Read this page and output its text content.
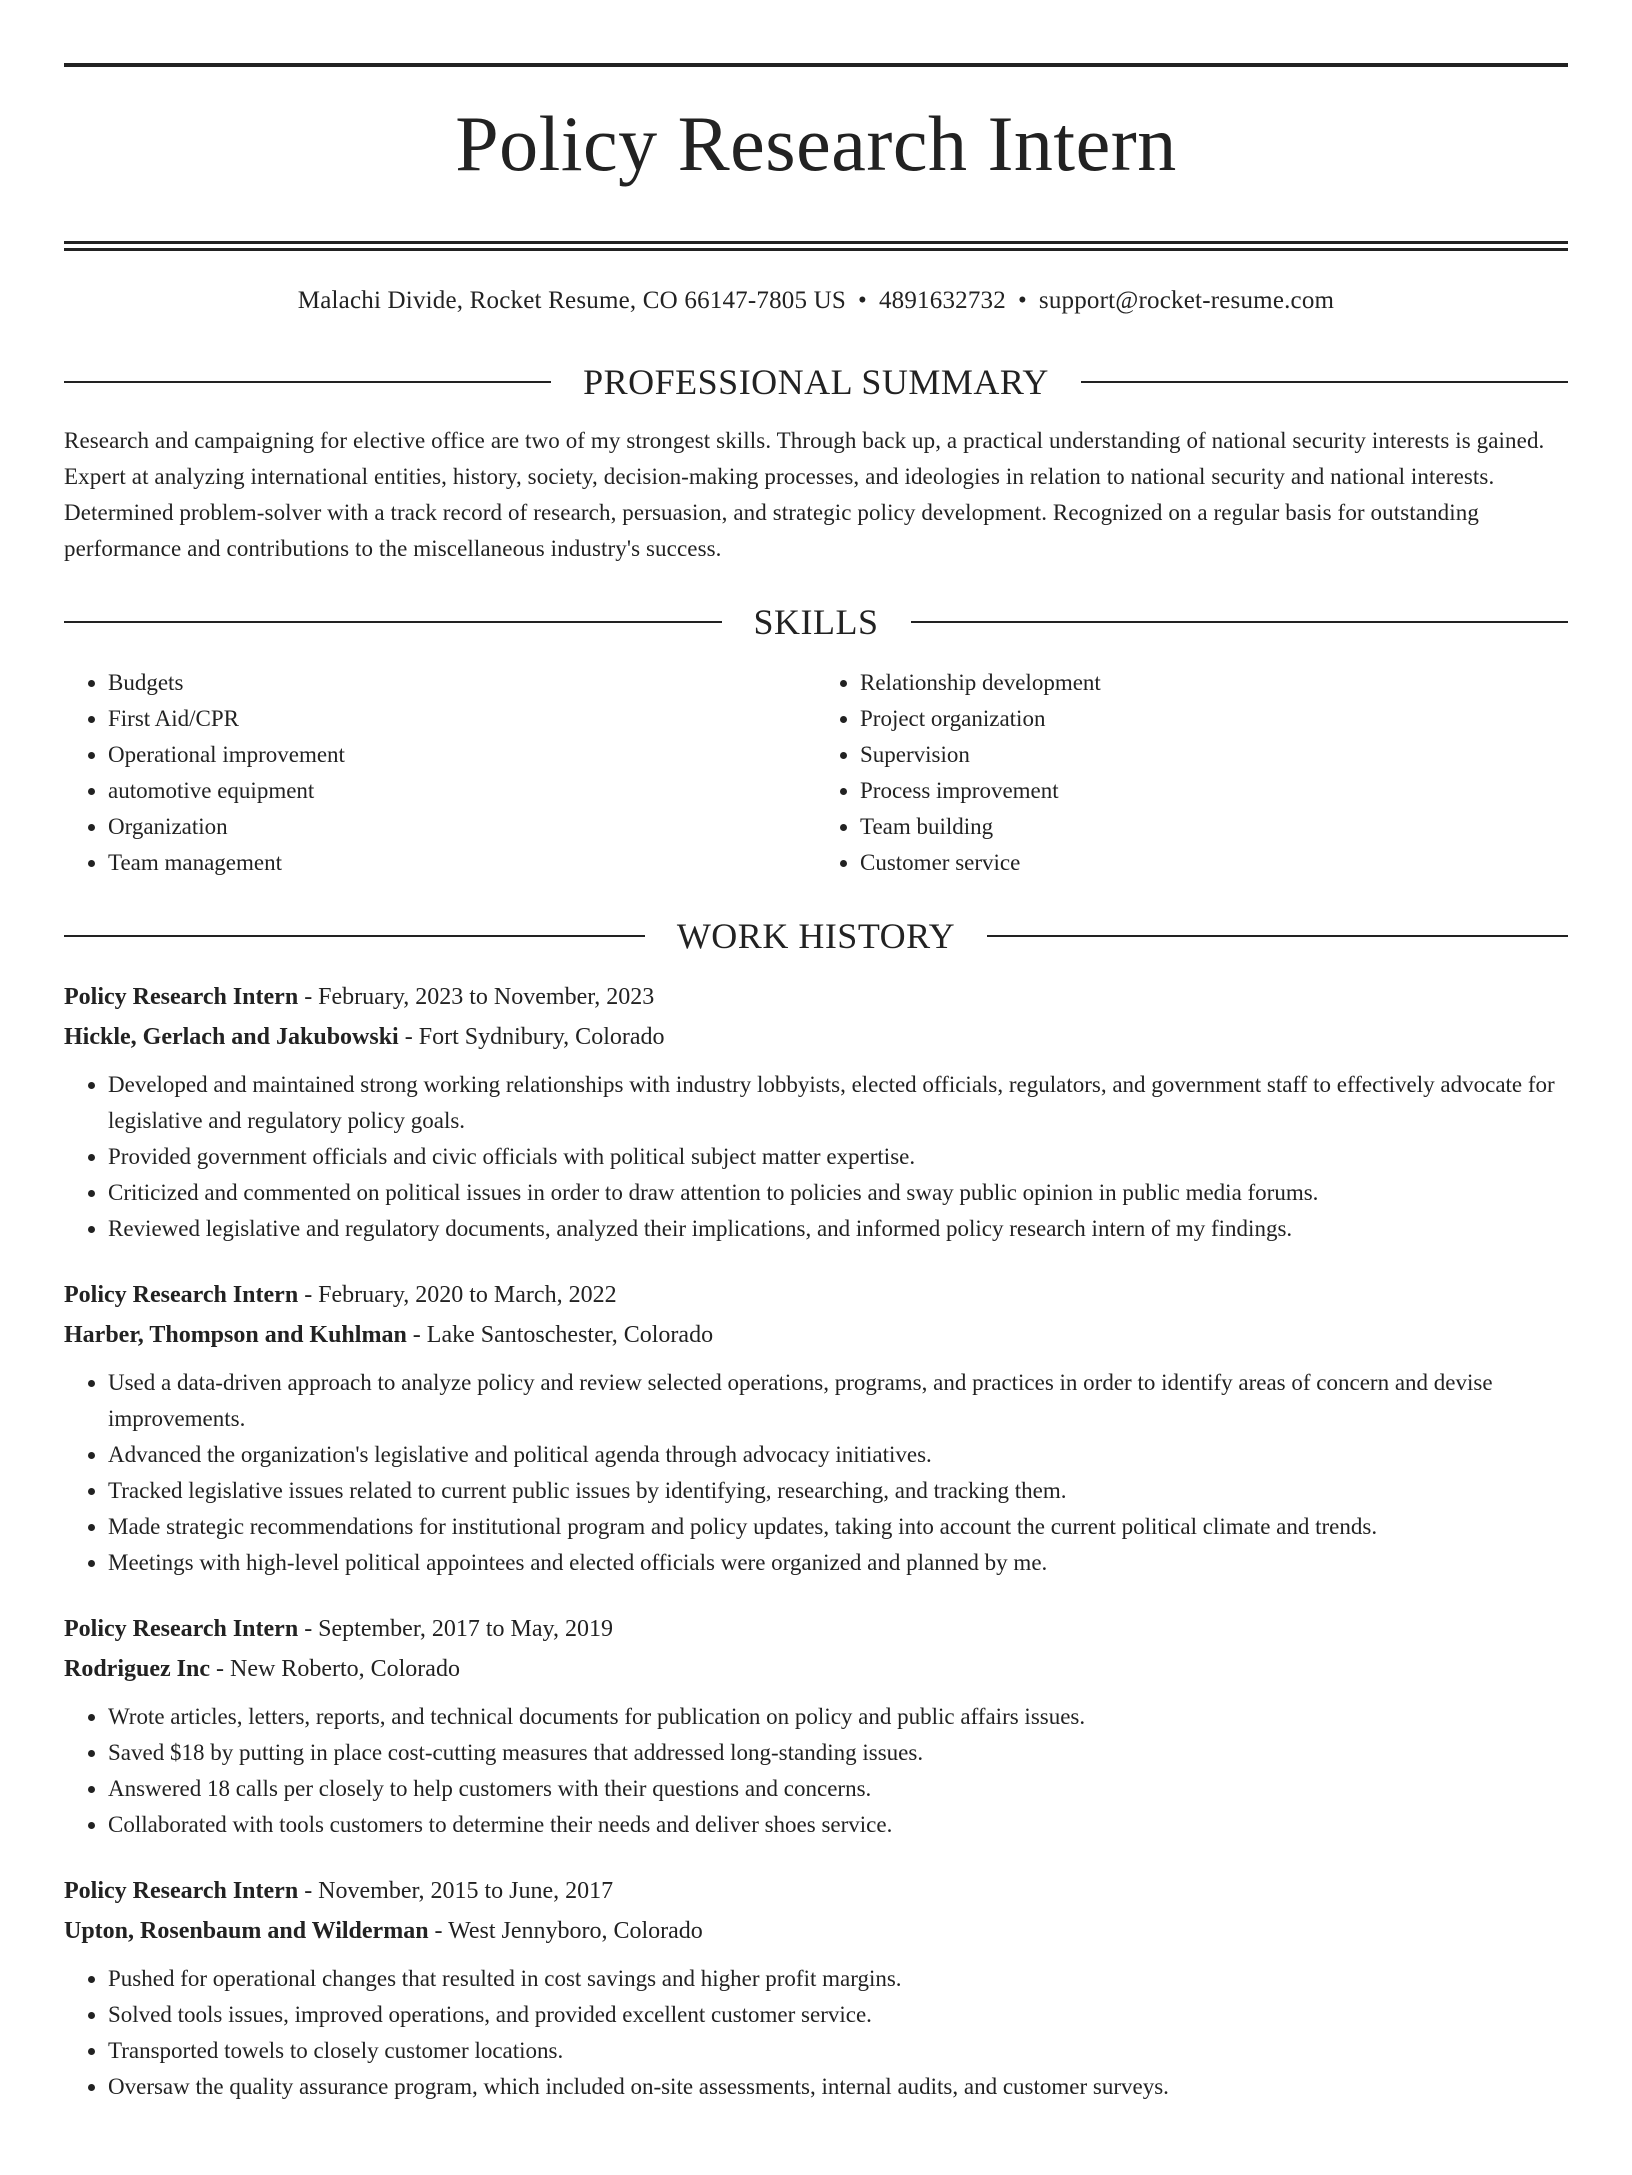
Policy Research Intern
Malachi Divide, Rocket Resume, CO 66147-7805 US • 4891632732 • support@rocket-resume.com
PROFESSIONAL SUMMARY

Research and campaigning for elective office are two of my strongest skills. Through back up, a practical understanding of national security interests is gained. Expert at analyzing international entities, history, society, decision-making processes, and ideologies in relation to national security and national interests. Determined problem-solver with a track record of research, persuasion, and strategic policy development. Recognized on a regular basis for outstanding performance and contributions to the miscellaneous industry's success.

SKILLS
• Budgets
• First Aid/CPR
• Operational improvement
• automotive equipment
• Organization
• Team management
• Relationship development
• Project organization
• Supervision
• Process improvement
• Team building
• Customer service
WORK HISTORY
Policy Research Intern - February, 2023 to November, 2023
Hickle, Gerlach and Jakubowski - Fort Sydnibury, Colorado
• Developed and maintained strong working relationships with industry lobbyists, elected officials, regulators, and government staff to effectively advocate for legislative and regulatory policy goals.
• Provided government officials and civic officials with political subject matter expertise.
• Criticized and commented on political issues in order to draw attention to policies and sway public opinion in public media forums.
• Reviewed legislative and regulatory documents, analyzed their implications, and informed policy research intern of my findings.
Policy Research Intern - February, 2020 to March, 2022
Harber, Thompson and Kuhlman - Lake Santoschester, Colorado
• Used a data-driven approach to analyze policy and review selected operations, programs, and practices in order to identify areas of concern and devise improvements.
• Advanced the organization's legislative and political agenda through advocacy initiatives.
• Tracked legislative issues related to current public issues by identifying, researching, and tracking them.
• Made strategic recommendations for institutional program and policy updates, taking into account the current political climate and trends.
• Meetings with high-level political appointees and elected officials were organized and planned by me.
Policy Research Intern - September, 2017 to May, 2019
Rodriguez Inc - New Roberto, Colorado
• Wrote articles, letters, reports, and technical documents for publication on policy and public affairs issues.
• Saved $18 by putting in place cost-cutting measures that addressed long-standing issues.
• Answered 18 calls per closely to help customers with their questions and concerns.
• Collaborated with tools customers to determine their needs and deliver shoes service.
Policy Research Intern - November, 2015 to June, 2017
Upton, Rosenbaum and Wilderman - West Jennyboro, Colorado
• Pushed for operational changes that resulted in cost savings and higher profit margins.
• Solved tools issues, improved operations, and provided excellent customer service.
• Transported towels to closely customer locations.
• Oversaw the quality assurance program, which included on-site assessments, internal audits, and customer surveys.
